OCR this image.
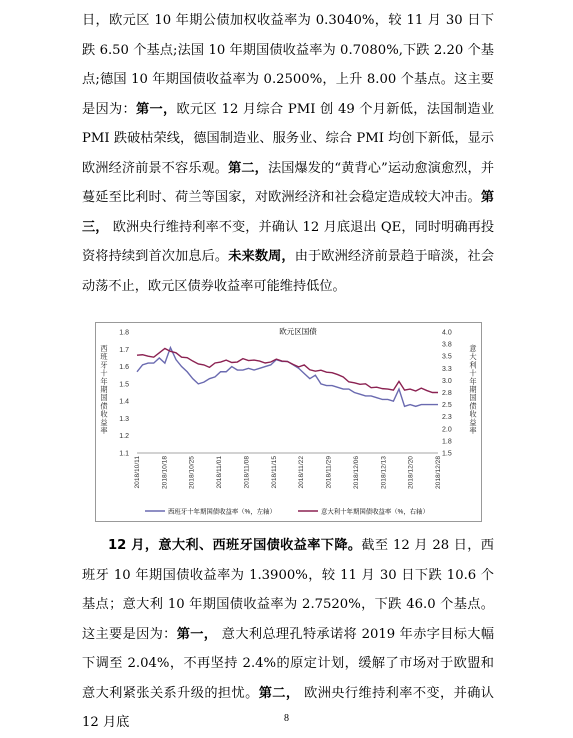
日，欧元区 10 年期公债加权收益率为 0.3040%，较 11 月 30 日下跌 6.50 个基点;法国 10 年期国债收益率为 0.7080%,下跌 2.20 个基点;德国 10 年期国债收益率为 0.2500%，上升 8.00 个基点。这主要是因为：第一，欧元区 12 月综合 PMI 创 49 个月新低，法国制造业 PMI 跌破枯荣线，德国制造业、服务业、综合 PMI 均创下新低，显示欧洲经济前景不容乐观。第二，法国爆发的“黄背心”运动愈演愈烈，并蔓延至比利时、荷兰等国家，对欧洲经济和社会稳定造成较大冲击。第三， 欧洲央行维持利率不变，并确认 12 月底退出 QE，同时明确再投资将持续到首次加息后。未来数周，由于欧洲经济前景趋于暗淡，社会动荡不止，欧元区债券收益率可能维持低位。
欧元区国债
西
班
牙
十
年
期
国
债
收
益
率
意
大
利
十
年
期
国
债
收
益
率
1.8
1.7
1.6
1.5
1.4
1.3
1.2
1.1
4.0
3.8
3.5
3.3
3.0
2.8
2.5
2.3
2.0
1.8
1.5
2018/10/11	2018/10/18	2018/10/25	2018/11/01	2018/11/08	2018/11/15	2018/11/22	2018/11/29	2018/12/06	2018/12/13	2018/12/20	2018/12/28
西班牙十年期国债收益率（%，左轴）	意大利十年期国债收益率（%，右轴）
12 月，意大利、西班牙国债收益率下降。截至 12 月 28 日，西班牙 10 年期国债收益率为 1.3900%，较 11 月 30 日下跌 10.6 个基点；意大利 10 年期国债收益率为 2.7520%，下跌 46.0 个基点。这主要是因为：第一， 意大利总理孔特承诺将 2019 年赤字目标大幅下调至 2.04%，不再坚持 2.4%的原定计划，缓解了市场对于欧盟和意大利紧张关系升级的担忧。第二， 欧洲央行维持利率不变，并确认 12 月底	8
